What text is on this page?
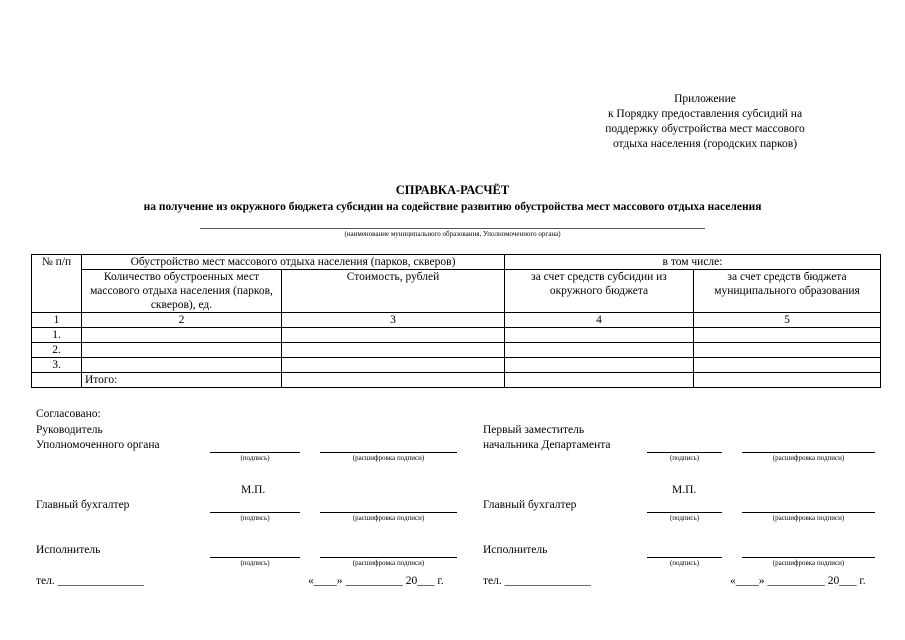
Приложение
к Порядку предоставления субсидий на
поддержку обустройства мест массового
отдыха населения (городских парков)
СПРАВКА-РАСЧЁТ
на получение из окружного бюджета субсидии на содействие развитию обустройства мест массового отдыха населения
(наименование муниципального образования, Уполномоченного органа)
№ п/п	Обустройство мест массового отдыха населения (парков, скверов)		в том числе:	
	Количество обустроенных мест массового отдыха населения (парков, скверов), ед.	Стоимость, рублей	за счет средств субсидии из окружного бюджета	за счет средств бюджета муниципального образования
1	2	3	4	5
1.				
2.				
3.				
	Итого:			
Согласовано:
Руководитель
Уполномоченного органа
(подпись)	(расшифровка подписи)
М.П.
Главный бухгалтер
(подпись)	(расшифровка подписи)
Исполнитель
(подпись)	(расшифровка подписи)
тел. _______________	«____» __________ 20___ г.
Первый заместитель
начальника Департамента
(подпись)	(расшифровка подписи)
М.П.
Главный бухгалтер
(подпись)	(расшифровка подписи)
Исполнитель
(подпись)	(расшифровка подписи)
тел. _______________	«____» __________ 20___ г.
